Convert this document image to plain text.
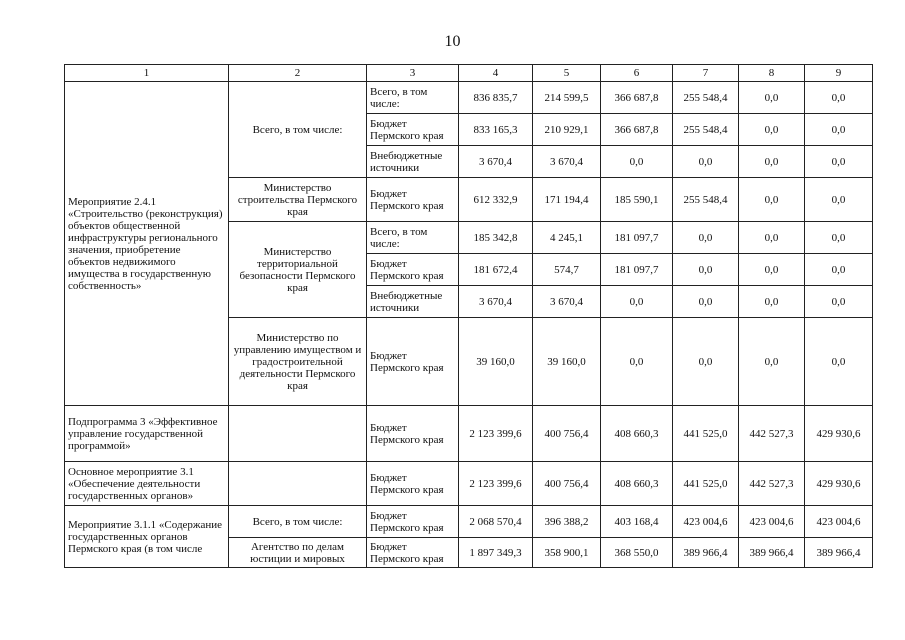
10
1	2	3	4	5	6	7	8	9
Мероприятие 2.4.1 «Строительство (реконструкция) объектов общественной инфраструктуры регионального значения, приобретение объектов недвижимого имущества в государственную собственность»	Всего, в том числе:	Всего, в том числе:	836 835,7	214 599,5	366 687,8	255 548,4	0,0	0,0
		Бюджет Пермского края	833 165,3	210 929,1	366 687,8	255 548,4	0,0	0,0
		Внебюджетные источники	3 670,4	3 670,4	0,0	0,0	0,0	0,0
	Министерство строительства Пермского края	Бюджет Пермского края	612 332,9	171 194,4	185 590,1	255 548,4	0,0	0,0
	Министерство территориальной безопасности Пермского края	Всего, в том числе:	185 342,8	4 245,1	181 097,7	0,0	0,0	0,0
		Бюджет Пермского края	181 672,4	574,7	181 097,7	0,0	0,0	0,0
		Внебюджетные источники	3 670,4	3 670,4	0,0	0,0	0,0	0,0
	Министерство по управлению имуществом и градостроительной деятельности Пермского края	Бюджет Пермского края	39 160,0	39 160,0	0,0	0,0	0,0	0,0
Подпрограмма 3 «Эффективное управление государственной программой»		Бюджет Пермского края	2 123 399,6	400 756,4	408 660,3	441 525,0	442 527,3	429 930,6
Основное мероприятие 3.1 «Обеспечение деятельности государственных органов»		Бюджет Пермского края	2 123 399,6	400 756,4	408 660,3	441 525,0	442 527,3	429 930,6
Мероприятие 3.1.1 «Содержание государственных органов Пермского края (в том числе	Всего, в том числе:	Бюджет Пермского края	2 068 570,4	396 388,2	403 168,4	423 004,6	423 004,6	423 004,6
	Агентство по делам юстиции и мировых	Бюджет Пермского края	1 897 349,3	358 900,1	368 550,0	389 966,4	389 966,4	389 966,4
